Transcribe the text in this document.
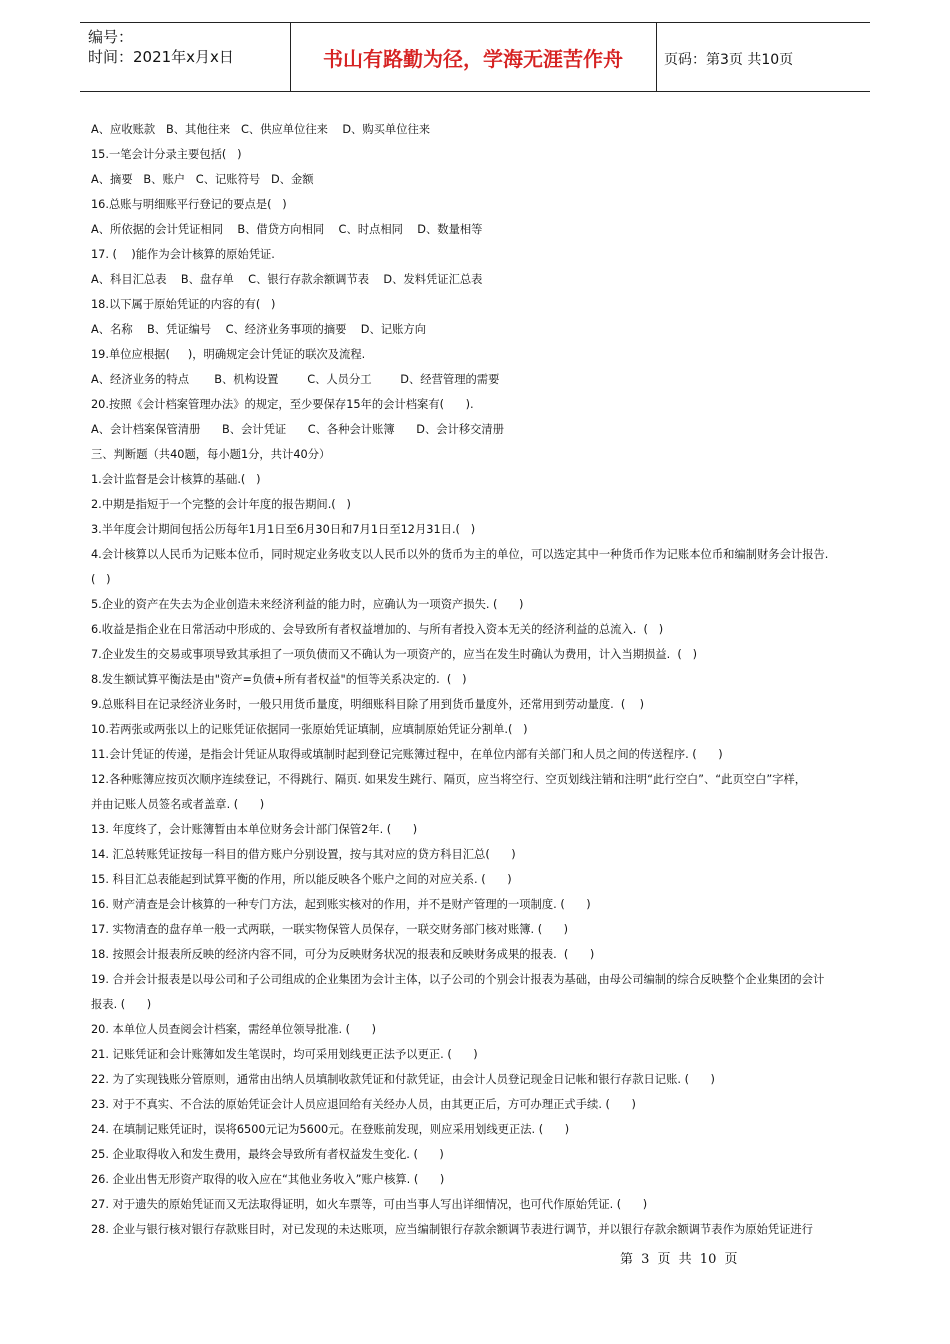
编号：
时间：2021年x月x日	书山有路勤为径，学海无涯苦作舟	页码：第3页 共10页
A、应收账款   B、其他往来   C、供应单位往来    D、购买单位往来
15.一笔会计分录主要包括(   )
A、摘要   B、账户   C、记账符号   D、金额
16.总账与明细账平行登记的要点是(   )
A、所依据的会计凭证相同    B、借贷方向相同    C、时点相同    D、数量相等
17. (    )能作为会计核算的原始凭证.
A、科目汇总表    B、盘存单    C、银行存款余额调节表    D、发料凭证汇总表
18.以下属于原始凭证的内容的有(   )
A、名称    B、凭证编号    C、经济业务事项的摘要    D、记账方向
19.单位应根据(     )，明确规定会计凭证的联次及流程.
A、经济业务的特点       B、机构设置        C、人员分工        D、经营管理的需要
20.按照《会计档案管理办法》的规定，至少要保存15年的会计档案有(      ).
A、会计档案保管清册      B、会计凭证      C、各种会计账簿      D、会计移交清册
三、判断题（共40题，每小题1分，共计40分）
1.会计监督是会计核算的基础.(   )
2.中期是指短于一个完整的会计年度的报告期间.(   )
3.半年度会计期间包括公历每年1月1日至6月30日和7月1日至12月31日.(   )
4.会计核算以人民币为记账本位币，同时规定业务收支以人民币以外的货币为主的单位，可以选定其中一种货币作为记账本位币和编制财务会计报告.
(   )
5.企业的资产在失去为企业创造未来经济利益的能力时，应确认为一项资产损失. (      )
6.收益是指企业在日常活动中形成的、会导致所有者权益增加的、与所有者投入资本无关的经济利益的总流入.  (   )
7.企业发生的交易或事项导致其承担了一项负债而又不确认为一项资产的，应当在发生时确认为费用，计入当期损益.  (   )
8.发生额试算平衡法是由"资产=负债+所有者权益"的恒等关系决定的.  (   )
9.总账科目在记录经济业务时，一般只用货币量度，明细账科目除了用到货币量度外，还常用到劳动量度.  (    )
10.若两张或两张以上的记账凭证依据同一张原始凭证填制，应填制原始凭证分割单.(   )
11.会计凭证的传递，是指会计凭证从取得或填制时起到登记完账簿过程中，在单位内部有关部门和人员之间的传送程序. (      )
12.各种账簿应按页次顺序连续登记，不得跳行、隔页. 如果发生跳行、隔页，应当将空行、空页划线注销和注明“此行空白”、“此页空白”字样，
并由记账人员签名或者盖章. (      )
13. 年度终了，会计账簿暂由本单位财务会计部门保管2年. (      )
14. 汇总转账凭证按每一科目的借方账户分别设置，按与其对应的贷方科目汇总(      )
15. 科目汇总表能起到试算平衡的作用，所以能反映各个账户之间的对应关系. (      )
16. 财产清查是会计核算的一种专门方法，起到账实核对的作用，并不是财产管理的一项制度. (      )
17. 实物清查的盘存单一般一式两联，一联实物保管人员保存，一联交财务部门核对账簿. (      )
18. 按照会计报表所反映的经济内容不同，可分为反映财务状况的报表和反映财务成果的报表.  (      )
19. 合并会计报表是以母公司和子公司组成的企业集团为会计主体，以子公司的个别会计报表为基础，由母公司编制的综合反映整个企业集团的会计
报表. (      )
20. 本单位人员查阅会计档案，需经单位领导批准. (      )
21. 记账凭证和会计账簿如发生笔误时，均可采用划线更正法予以更正. (      )
22. 为了实现钱账分管原则，通常由出纳人员填制收款凭证和付款凭证，由会计人员登记现金日记帐和银行存款日记账. (      )
23. 对于不真实、不合法的原始凭证会计人员应退回给有关经办人员，由其更正后，方可办理正式手续. (      )
24. 在填制记账凭证时，误将6500元记为5600元。在登账前发现，则应采用划线更正法. (      )
25. 企业取得收入和发生费用，最终会导致所有者权益发生变化. (      )
26. 企业出售无形资产取得的收入应在“其他业务收入”账户核算. (      )
27. 对于遗失的原始凭证而又无法取得证明，如火车票等，可由当事人写出详细情况，也可代作原始凭证. (      )
28. 企业与银行核对银行存款账目时，对已发现的未达账项，应当编制银行存款余额调节表进行调节，并以银行存款余额调节表作为原始凭证进行
第 3 页 共 10 页
